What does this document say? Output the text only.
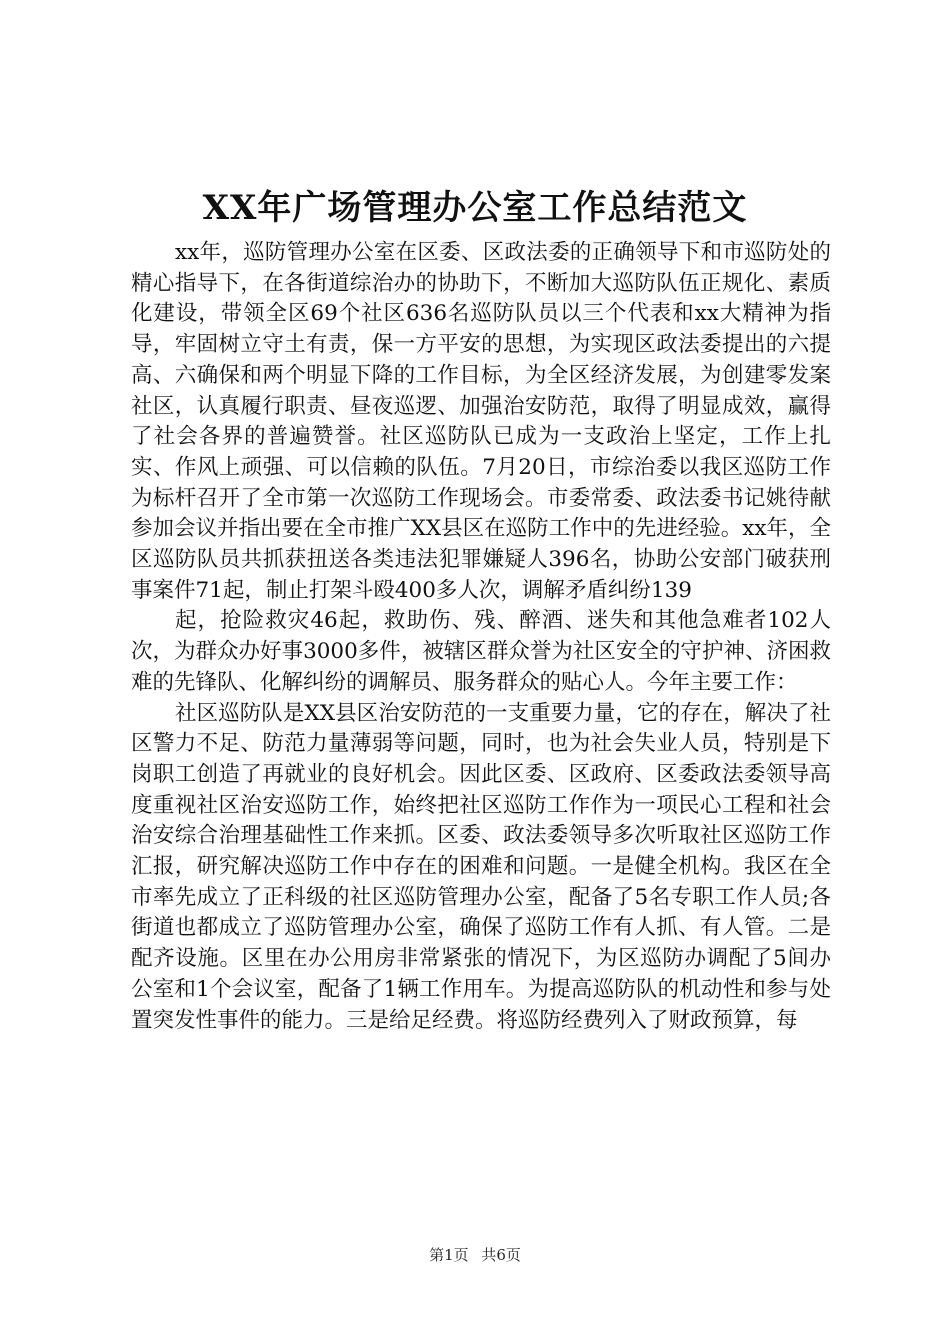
XX年广场管理办公室工作总结范文

xx年，巡防管理办公室在区委、区政法委的正确领导下和市巡防处的精心指导下，在各街道综治办的协助下，不断加大巡防队伍正规化、素质化建设，带领全区69个社区636名巡防队员以三个代表和xx大精神为指导，牢固树立守土有责，保一方平安的思想，为实现区政法委提出的六提高、六确保和两个明显下降的工作目标，为全区经济发展，为创建零发案社区，认真履行职责、昼夜巡逻、加强治安防范，取得了明显成效，赢得了社会各界的普遍赞誉。社区巡防队已成为一支政治上坚定，工作上扎实、作风上顽强、可以信赖的队伍。7月20日，市综治委以我区巡防工作为标杆召开了全市第一次巡防工作现场会。市委常委、政法委书记姚待献参加会议并指出要在全市推广XX县区在巡防工作中的先进经验。xx年，全区巡防队员共抓获扭送各类违法犯罪嫌疑人396名，协助公安部门破获刑事案件71起，制止打架斗殴400多人次，调解矛盾纠纷139

起，抢险救灾46起，救助伤、残、醉酒、迷失和其他急难者102人次，为群众办好事3000多件，被辖区群众誉为社区安全的守护神、济困救难的先锋队、化解纠纷的调解员、服务群众的贴心人。今年主要工作：

社区巡防队是XX县区治安防范的一支重要力量，它的存在，解决了社区警力不足、防范力量薄弱等问题，同时，也为社会失业人员，特别是下岗职工创造了再就业的良好机会。因此区委、区政府、区委政法委领导高度重视社区治安巡防工作，始终把社区巡防工作作为一项民心工程和社会治安综合治理基础性工作来抓。区委、政法委领导多次听取社区巡防工作汇报，研究解决巡防工作中存在的困难和问题。一是健全机构。我区在全市率先成立了正科级的社区巡防管理办公室，配备了5名专职工作人员;各街道也都成立了巡防管理办公室，确保了巡防工作有人抓、有人管。二是配齐设施。区里在办公用房非常紧张的情况下，为区巡防办调配了5间办公室和1个会议室，配备了1辆工作用车。为提高巡防队的机动性和参与处置突发性事件的能力。三是给足经费。将巡防经费列入了财政预算，每

第1页 共6页
